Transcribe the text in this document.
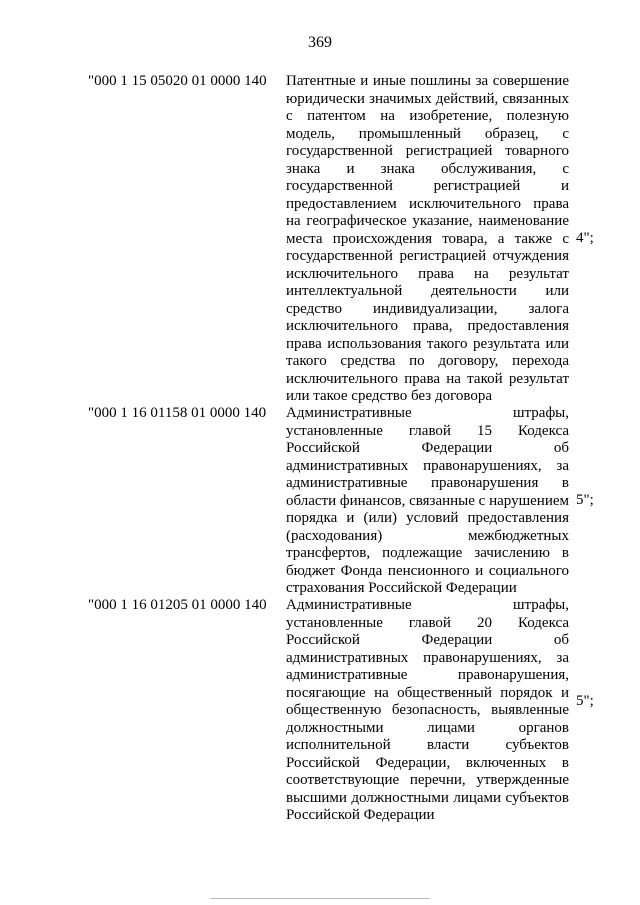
369
"000 1 15 05020 01 0000 140 Патентные и иные пошлины за совершение юридически значимых действий, связанных с патентом на изобретение, полезную модель, промышленный образец, с государственной регистрацией товарного знака и знака обслуживания, с государственной регистрацией и предоставлением исключительного права на географическое указание, наименование места происхождения товара, а также с государственной регистрацией отчуждения исключительного права на результат интеллектуальной деятельности или средство индивидуализации, залога исключительного права, предоставления права использования такого результата или такого средства по договору, перехода исключительного права на такой результат или такое средство без договора
4";
"000 1 16 01158 01 0000 140 Административные штрафы, установленные главой 15 Кодекса Российской Федерации об административных правонарушениях, за административные правонарушения в области финансов, связанные с нарушением порядка и (или) условий предоставления (расходования) межбюджетных трансфертов, подлежащие зачислению в бюджет Фонда пенсионного и социального страхования Российской Федерации
5";
"000 1 16 01205 01 0000 140 Административные штрафы, установленные главой 20 Кодекса Российской Федерации об административных правонарушениях, за административные правонарушения, посягающие на общественный порядок и общественную безопасность, выявленные должностными лицами органов исполнительной власти субъектов Российской Федерации, включенных в соответствующие перечни, утвержденные высшими должностными лицами субъектов Российской Федерации
5";
